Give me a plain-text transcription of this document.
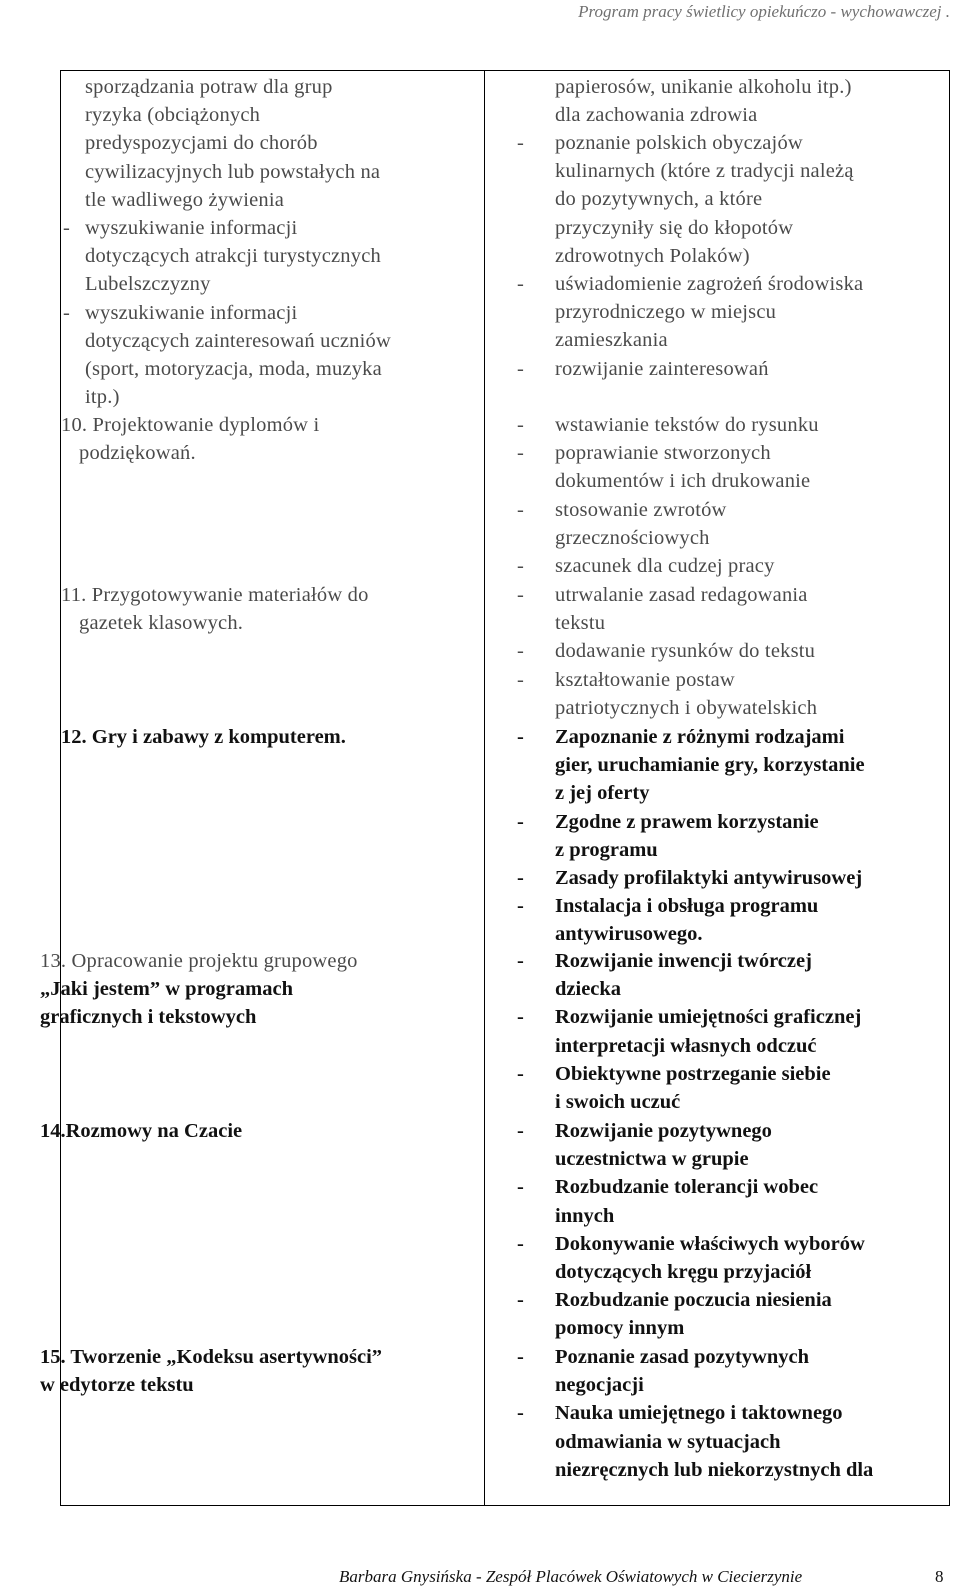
Program pracy świetlicy opiekuńczo - wychowawczej .
sporządzania potraw dla grup
ryzyka (obciążonych
predyspozycjami do chorób
cywilizacyjnych lub powstałych na
tle wadliwego żywienia
- wyszukiwanie informacji
dotyczących atrakcji turystycznych
Lubelszczyzny
- wyszukiwanie informacji
dotyczących zainteresowań uczniów
(sport, motoryzacja, moda, muzyka
itp.)
10. Projektowanie dyplomów i
podziękowań.
11. Przygotowywanie materiałów do
gazetek klasowych.
12. Gry i zabawy z komputerem.
13. Opracowanie projektu grupowego
„Jaki jestem” w programach
graficznych i tekstowych
14.Rozmowy na Czacie
15. Tworzenie „Kodeksu asertywności”
w edytorze tekstu
papierosów, unikanie alkoholu itp.)
dla zachowania zdrowia
- poznanie polskich obyczajów
kulinarnych (które z tradycji należą
do pozytywnych, a które
przyczyniły się do kłopotów
zdrowotnych Polaków)
- uświadomienie zagrożeń środowiska
przyrodniczego w miejscu
zamieszkania
- rozwijanie zainteresowań
- wstawianie tekstów do rysunku
- poprawianie stworzonych
dokumentów i ich drukowanie
- stosowanie zwrotów
grzecznościowych
- szacunek dla cudzej pracy
- utrwalanie zasad redagowania
tekstu
- dodawanie rysunków do tekstu
- kształtowanie postaw
patriotycznych i obywatelskich
- Zapoznanie z różnymi rodzajami
gier, uruchamianie gry, korzystanie
z jej oferty
- Zgodne z prawem korzystanie
z programu
- Zasady profilaktyki antywirusowej
- Instalacja i obsługa programu
antywirusowego.
- Rozwijanie inwencji twórczej
dziecka
- Rozwijanie umiejętności graficznej
interpretacji własnych odczuć
- Obiektywne postrzeganie siebie
i swoich uczuć
- Rozwijanie pozytywnego
uczestnictwa w grupie
- Rozbudzanie tolerancji wobec
innych
- Dokonywanie właściwych wyborów
dotyczących kręgu przyjaciół
- Rozbudzanie poczucia niesienia
pomocy innym
- Poznanie zasad pozytywnych
negocjacji
- Nauka umiejętnego i taktownego
odmawiania w sytuacjach
niezręcznych lub niekorzystnych dla
Barbara Gnysińska - Zespół Placówek Oświatowych w Ciecierzynie	8
